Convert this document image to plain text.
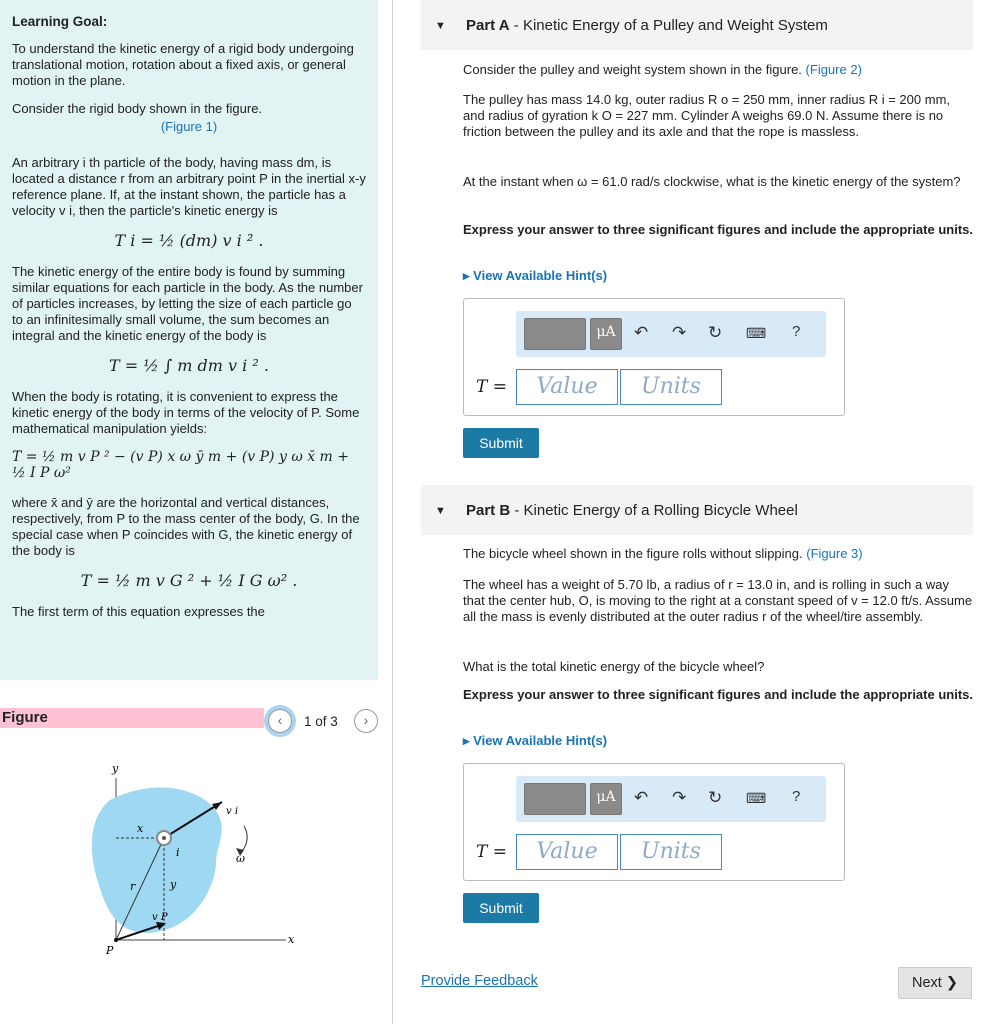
Learning Goal:

To understand the kinetic energy of a rigid body undergoing translational motion, rotation about a fixed axis, or general motion in the plane.

Consider the rigid body shown in the figure.

(Figure 1)

An arbitrary i th particle of the body, having mass dm, is located a distance r from an arbitrary point P in the inertial x-y reference plane. If, at the instant shown, the particle has a velocity v i, then the particle's kinetic energy is

T i = ½ (dm) v i ² .

The kinetic energy of the entire body is found by summing similar equations for each particle in the body. As the number of particles increases, by letting the size of each particle go to an infinitesimally small volume, the sum becomes an integral and the kinetic energy of the body is

T = ½ ∫ m dm v i ² .

When the body is rotating, it is convenient to express the kinetic energy of the body in terms of the velocity of P. Some mathematical manipulation yields:

T = ½ m v P ² − (v P) x ω ȳ m + (v P) y ω x̄ m + ½ I P ω²

where x̄ and ȳ are the horizontal and vertical distances, respectively, from P to the mass center of the body, G. In the special case when P coincides with G, the kinetic energy of the body is

T = ½ m v G ² + ½ I G ω² .

The first term of this equation expresses the

Figure	‹	1 of 3	›
y
x
v i
v P
i	ω
x
r	y
P
▼ Part A - Kinetic Energy of a Pulley and Weight System
Consider the pulley and weight system shown in the figure. (Figure 2)
The pulley has mass 14.0 kg, outer radius R o = 250 mm, inner radius R i = 200 mm, and radius of gyration k O = 227 mm. Cylinder A weighs 69.0 N. Assume there is no friction between the pulley and its axle and that the rope is massless.
At the instant when ω = 61.0 rad/s clockwise, what is the kinetic energy of the system?
Express your answer to three significant figures and include the appropriate units.
▸ View Available Hint(s)
μA	↶ ↷ ↻ ⌨ ?
T =	Value	Units
Submit
▼ Part B - Kinetic Energy of a Rolling Bicycle Wheel
The bicycle wheel shown in the figure rolls without slipping. (Figure 3)
The wheel has a weight of 5.70 lb, a radius of r = 13.0 in, and is rolling in such a way that the center hub, O, is moving to the right at a constant speed of v = 12.0 ft/s. Assume all the mass is evenly distributed at the outer radius r of the wheel/tire assembly.
What is the total kinetic energy of the bicycle wheel?
Express your answer to three significant figures and include the appropriate units.
▸ View Available Hint(s)
μA	↶ ↷ ↻ ⌨ ?
T =	Value	Units
Submit
Provide Feedback	Next ❯
